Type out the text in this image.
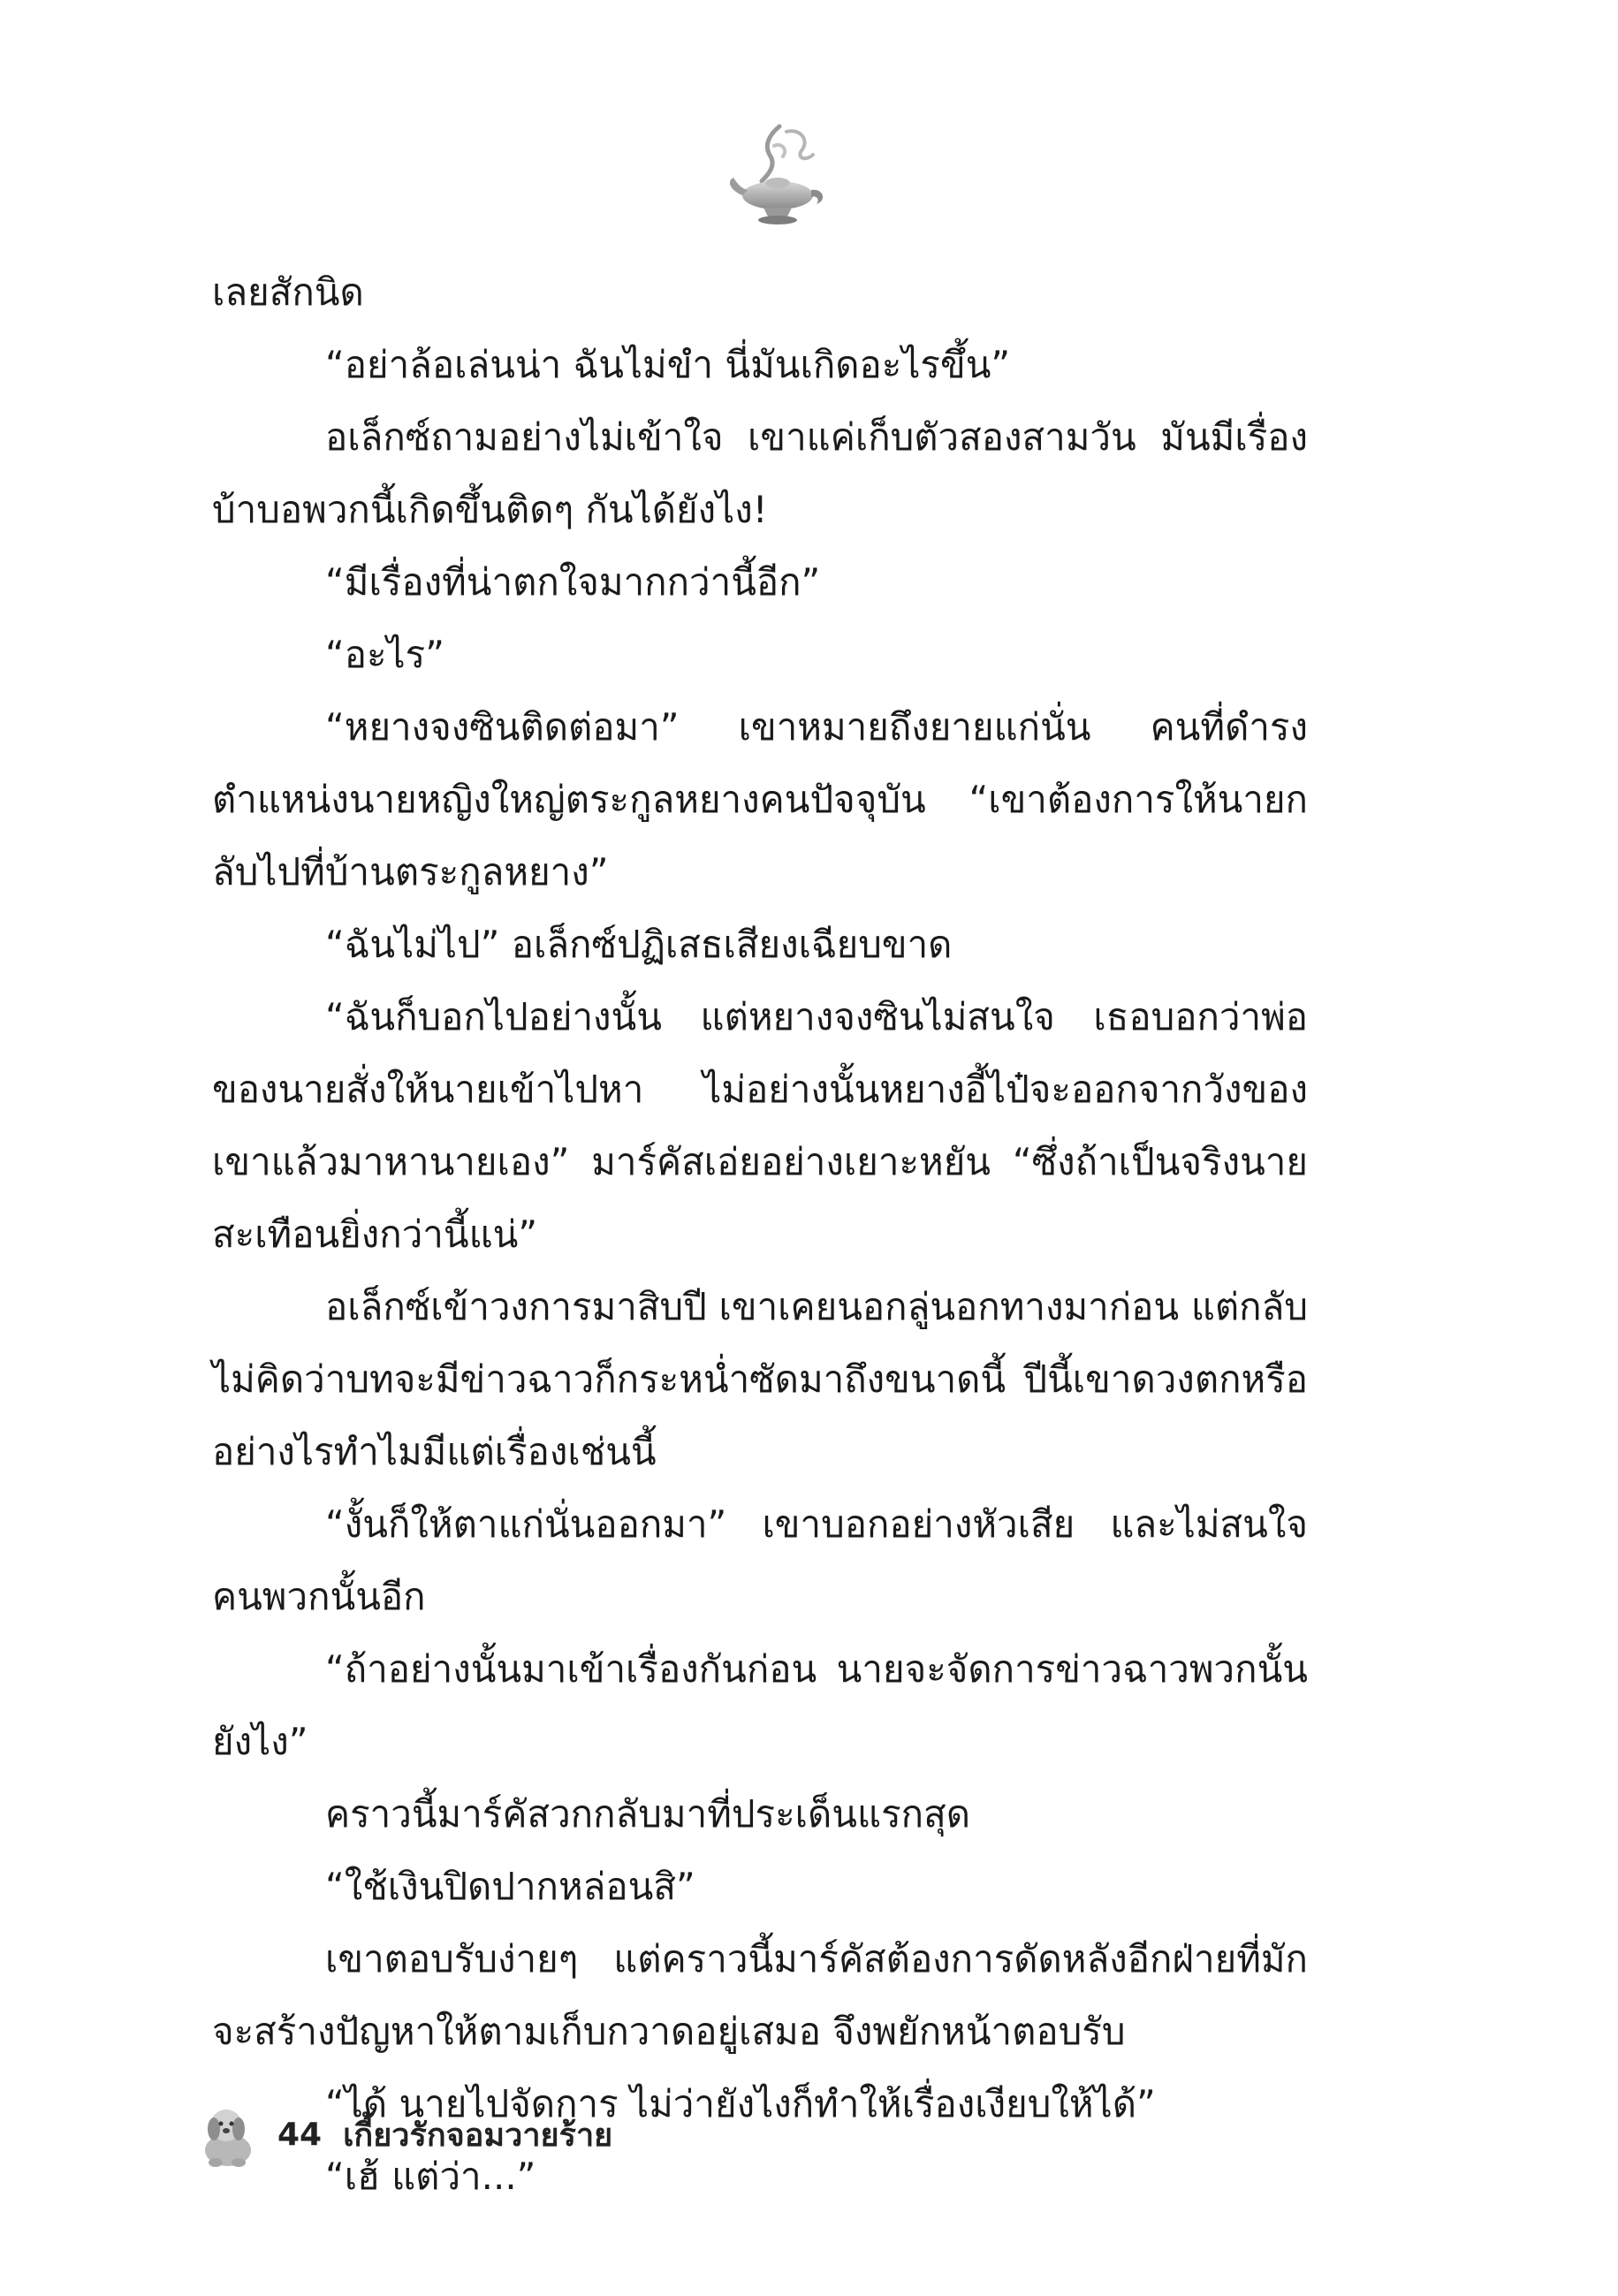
เลยสักนิด

“อย่าล้อเล่นน่า ฉันไม่ขำ นี่มันเกิดอะไรขึ้น”

อเล็กซ์ถามอย่างไม่เข้าใจ เขาแค่เก็บตัวสองสามวัน มันมีเรื่องบ้าบอพวกนี้เกิดขึ้นติดๆ กันได้ยังไง!

“มีเรื่องที่น่าตกใจมากกว่านี้อีก”

“อะไร”

“หยางจงซินติดต่อมา” เขาหมายถึงยายแก่นั่น คนที่ดำรงตำแหน่งนายหญิงใหญ่ตระกูลหยางคนปัจจุบัน “เขาต้องการให้นายกลับไปที่บ้านตระกูลหยาง”

“ฉันไม่ไป” อเล็กซ์ปฏิเสธเสียงเฉียบขาด

“ฉันก็บอกไปอย่างนั้น แต่หยางจงซินไม่สนใจ เธอบอกว่าพ่อของนายสั่งให้นายเข้าไปหา ไม่อย่างนั้นหยางอี้ไป๋จะออกจากวังของเขาแล้วมาหานายเอง” มาร์คัสเอ่ยอย่างเยาะหยัน “ซึ่งถ้าเป็นจริงนายสะเทือนยิ่งกว่านี้แน่”

อเล็กซ์เข้าวงการมาสิบปี เขาเคยนอกลู่นอกทางมาก่อน แต่กลับไม่คิดว่าบทจะมีข่าวฉาวก็กระหน่ำซัดมาถึงขนาดนี้ ปีนี้เขาดวงตกหรืออย่างไรทำไมมีแต่เรื่องเช่นนี้

“งั้นก็ให้ตาแก่นั่นออกมา” เขาบอกอย่างหัวเสีย และไม่สนใจคนพวกนั้นอีก

“ถ้าอย่างนั้นมาเข้าเรื่องกันก่อน นายจะจัดการข่าวฉาวพวกนั้นยังไง”

คราวนี้มาร์คัสวกกลับมาที่ประเด็นแรกสุด

“ใช้เงินปิดปากหล่อนสิ”

เขาตอบรับง่ายๆ แต่คราวนี้มาร์คัสต้องการดัดหลังอีกฝ่ายที่มักจะสร้างปัญหาให้ตามเก็บกวาดอยู่เสมอ จึงพยักหน้าตอบรับ

“ได้ นายไปจัดการ ไม่ว่ายังไงก็ทำให้เรื่องเงียบให้ได้”

“เฮ้ แต่ว่า...”

44 เกี้ยวรักจอมวายร้าย
